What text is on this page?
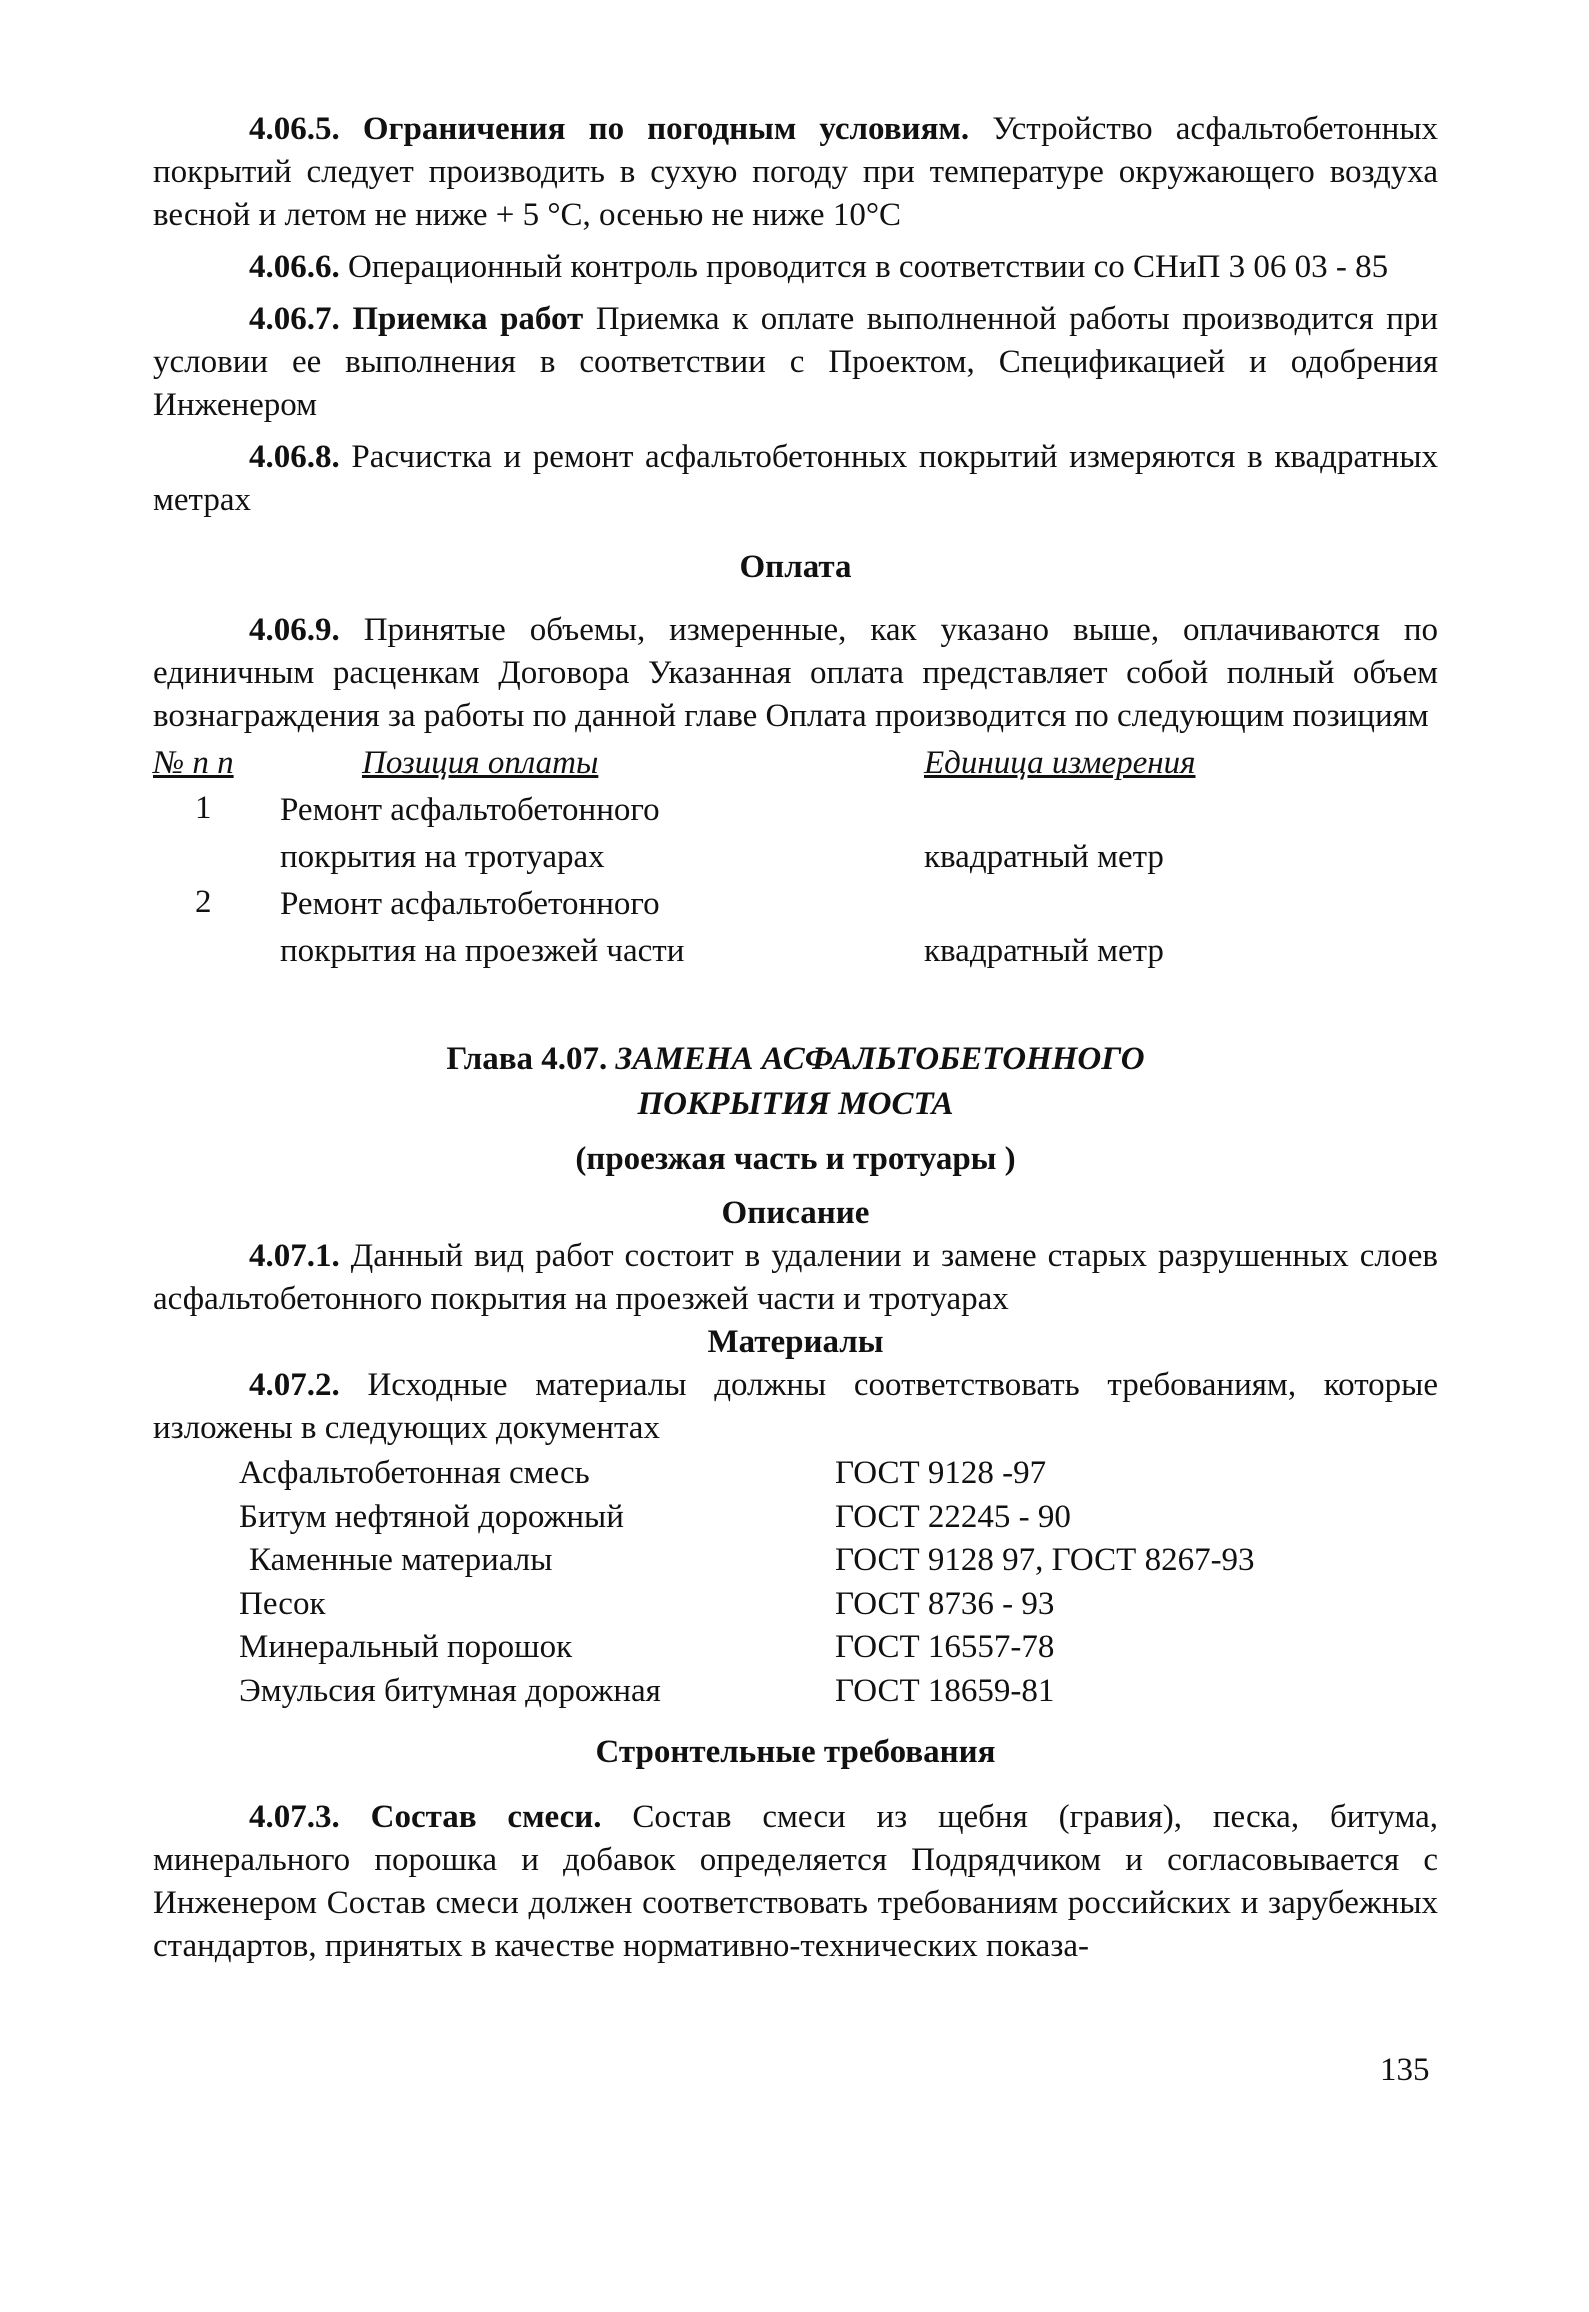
4.06.5. Ограничения по погодным условиям. Устройство асфальтобетонных покрытий следует производить в сухую погоду при температуре окружающего воздуха весной и летом не ниже + 5 °С, осенью не ниже 10°С

4.06.6. Операционный контроль проводится в соответствии со СНиП 3 06 03 - 85

4.06.7. Приемка работ Приемка к оплате выполненной работы производится при условии ее выполнения в соответствии с Проектом, Спецификацией и одобрения Инженером

4.06.8. Расчистка и ремонт асфальтобетонных покрытий измеряются в квадратных метрах

Оплата

4.06.9. Принятые объемы, измеренные, как указано выше, оплачиваются по единичным расценкам Договора Указанная оплата представляет собой полный объем вознаграждения за работы по данной главе Оплата производится по следующим позициям

№ п п	Позиция оплаты	Единица измерения
1	Ремонт асфальтобетонного
покрытия на тротуарах	квадратный метр
2	Ремонт асфальтобетонного
покрытия на проезжей части	квадратный метр
Глава 4.07. ЗАМЕНА АСФАЛЬТОБЕТОННОГО
ПОКРЫТИЯ МОСТА
(проезжая часть и тротуары )
Описание

4.07.1. Данный вид работ состоит в удалении и замене старых разрушенных слоев асфальтобетонного покрытия на проезжей части и тротуарах

Материалы

4.07.2. Исходные материалы должны соответствовать требованиям, которые изложены в следующих документах

Асфальтобетонная смесь	ГОСТ 9128 -97
Битум нефтяной дорожный	ГОСТ 22245 - 90
Каменные материалы	ГОСТ 9128 97, ГОСТ 8267-93
Песок	ГОСТ 8736 - 93
Минеральный порошок	ГОСТ 16557-78
Эмульсия битумная дорожная	ГОСТ 18659-81
Стронтельные требования

4.07.3. Состав смеси. Состав смеси из щебня (гравия), песка, битума, минерального порошка и добавок определяется Подрядчиком и согласовывается с Инженером Состав смеси должен соответствовать требованиям российских и зарубежных стандартов, принятых в качестве нормативно-технических показа-

135
